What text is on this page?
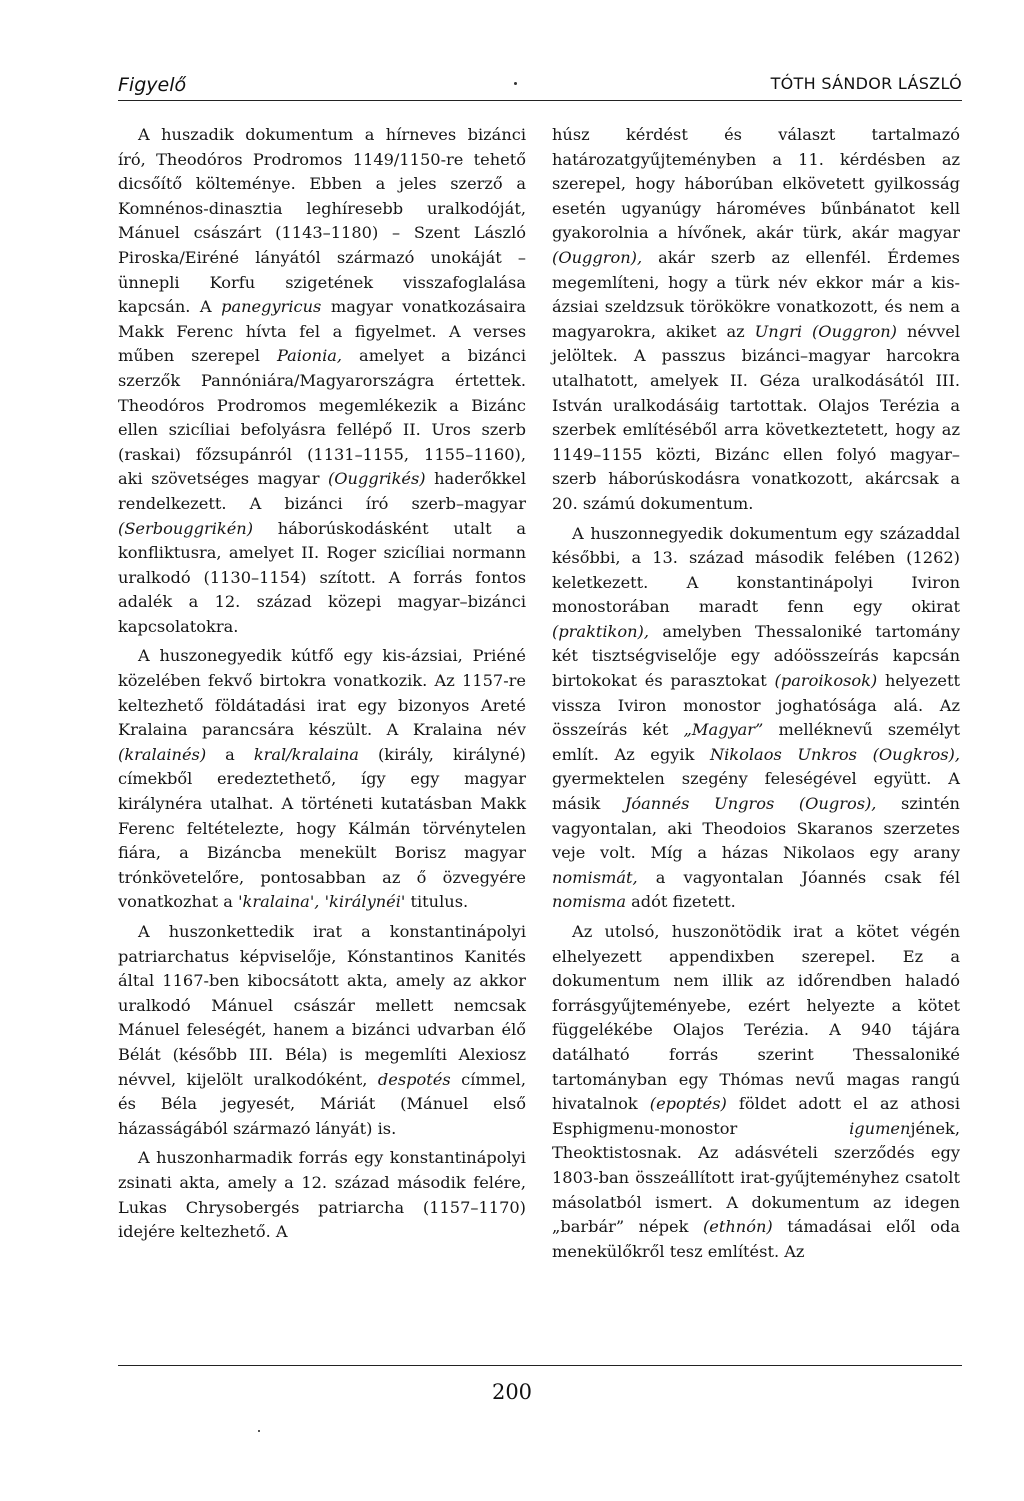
Figyelő	TÓTH SÁNDOR LÁSZLÓ

A huszadik dokumentum a hírneves bizánci író, Theodóros Prodromos 1149/1150-re tehető dicsőítő költeménye. Ebben a jeles szerző a Komnénos-dinasztia leghíresebb uralkodóját, Mánuel császárt (1143–1180) – Szent László Piroska/Eiréné lányától származó unokáját – ünnepli Korfu szigetének visszafoglalása kapcsán. A panegyricus magyar vonatkozásaira Makk Ferenc hívta fel a figyelmet. A verses műben szerepel Paionia, amelyet a bizánci szerzők Pannóniára/Magyarországra értettek. Theodóros Prodromos megemlékezik a Bizánc ellen szicíliai befolyásra fellépő II. Uros szerb (raskai) főzsupánról (1131–1155, 1155–1160), aki szövetséges magyar (Ouggrikés) haderőkkel rendelkezett. A bizánci író szerb–magyar (Serbouggrikén) háborúskodásként utalt a konfliktusra, amelyet II. Roger szicíliai normann uralkodó (1130–1154) szított. A forrás fontos adalék a 12. század közepi magyar–bizánci kapcsolatokra.

A huszonegyedik kútfő egy kis-ázsiai, Priéné közelében fekvő birtokra vonatkozik. Az 1157-re keltezhető földátadási irat egy bizonyos Areté Kralaina parancsára készült. A Kralaina név (kralainés) a kral/kralaina (király, királyné) címekből eredeztethető, így egy magyar királynéra utalhat. A történeti kutatásban Makk Ferenc feltételezte, hogy Kálmán törvénytelen fiára, a Bizáncba menekült Borisz magyar trónkövetelőre, pontosabban az ő özvegyére vonatkozhat a 'kralaina', 'királynéi' titulus.

A huszonkettedik irat a konstantinápolyi patriarchatus képviselője, Kónstantinos Kanités által 1167-ben kibocsátott akta, amely az akkor uralkodó Mánuel császár mellett nemcsak Mánuel feleségét, hanem a bizánci udvarban élő Bélát (később III. Béla) is megemlíti Alexiosz névvel, kijelölt uralkodóként, despotés címmel, és Béla jegyesét, Máriát (Mánuel első házasságából származó lányát) is.

A huszonharmadik forrás egy konstantinápolyi zsinati akta, amely a 12. század második felére, Lukas Chrysobergés patriarcha (1157–1170) idejére keltezhető. A

húsz kérdést és választ tartalmazó határozatgyűjteményben a 11. kérdésben az szerepel, hogy háborúban elkövetett gyilkosság esetén ugyanúgy hároméves bűnbánatot kell gyakorolnia a hívőnek, akár türk, akár magyar (Ouggron), akár szerb az ellenfél. Érdemes megemlíteni, hogy a türk név ekkor már a kis-ázsiai szeldzsuk törökökre vonatkozott, és nem a magyarokra, akiket az Ungri (Ouggron) névvel jelöltek. A passzus bizánci–magyar harcokra utalhatott, amelyek II. Géza uralkodásától III. István uralkodásáig tartottak. Olajos Terézia a szerbek említéséből arra következtetett, hogy az 1149–1155 közti, Bizánc ellen folyó magyar–szerb háborúskodásra vonatkozott, akárcsak a 20. számú dokumentum.

A huszonnegyedik dokumentum egy századdal későbbi, a 13. század második felében (1262) keletkezett. A konstantinápolyi Iviron monostorában maradt fenn egy okirat (praktikon), amelyben Thessaloniké tartomány két tisztségviselője egy adóösszeírás kapcsán birtokokat és parasztokat (paroikosok) helyezett vissza Iviron monostor joghatósága alá. Az összeírás két „Magyar” melléknevű személyt említ. Az egyik Nikolaos Unkros (Ougkros), gyermektelen szegény feleségével együtt. A másik Jóannés Ungros (Ougros), szintén vagyontalan, aki Theodoios Skaranos szerzetes veje volt. Míg a házas Nikolaos egy arany nomismát, a vagyontalan Jóannés csak fél nomisma adót fizetett.

Az utolsó, huszonötödik irat a kötet végén elhelyezett appendixben szerepel. Ez a dokumentum nem illik az időrendben haladó forrásgyűjteményebe, ezért helyezte a kötet függelékébe Olajos Terézia. A 940 tájára datálható forrás szerint Thessaloniké tartományban egy Thómas nevű magas rangú hivatalnok (epoptés) földet adott el az athosi Esphigmenu-monostor igumenjének, Theoktistosnak. Az adásvételi szerződés egy 1803-ban összeállított irat-gyűjteményhez csatolt másolatból ismert. A dokumentum az idegen „barbár” népek (ethnón) támadásai elől oda menekülőkről tesz említést. Az

200
